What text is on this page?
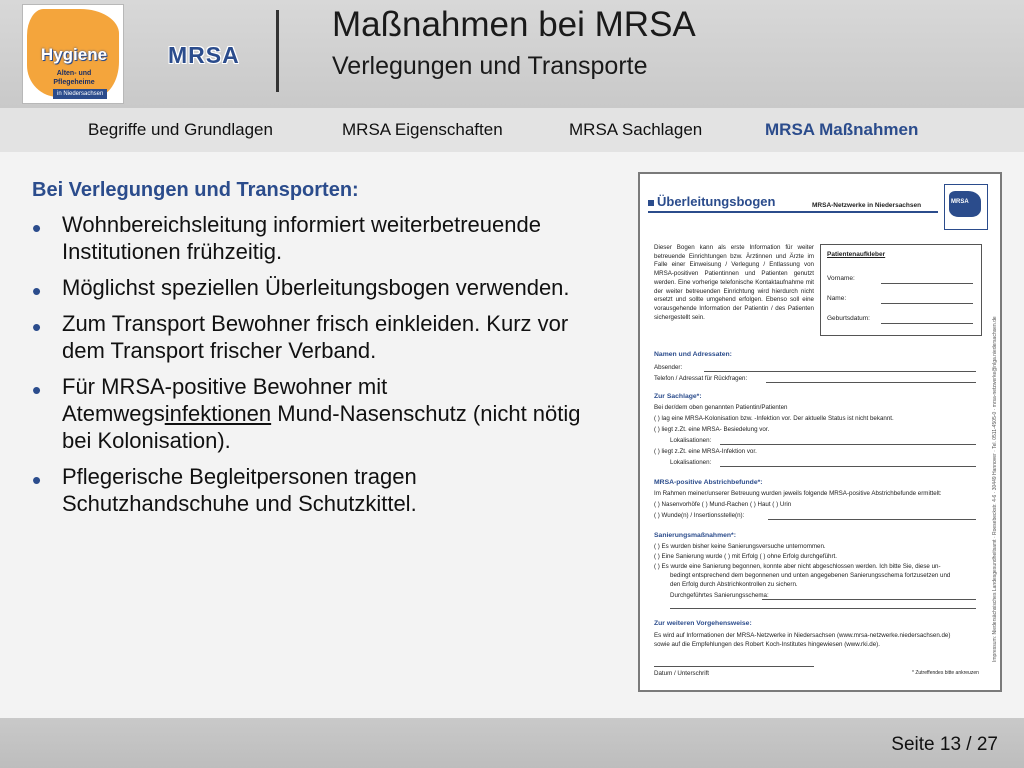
Hygiene
Alten- und
Pflegeheime
in Niedersachsen
MRSA
Maßnahmen bei MRSA
Verlegungen und Transporte
Begriffe und Grundlagen	MRSA Eigenschaften	MRSA Sachlagen	MRSA Maßnahmen
Bei Verlegungen und Transporten:
• Wohnbereichsleitung informiert weiterbetreuende Institutionen frühzeitig.
• Möglichst speziellen Überleitungsbogen verwenden.
• Zum Transport Bewohner frisch einkleiden. Kurz vor dem Transport frischer Verband.
• Für MRSA-positive Bewohner mit Atemwegsinfektionen Mund-Nasenschutz (nicht nötig bei Kolonisation).
• Pflegerische Begleitpersonen tragen Schutzhandschuhe und Schutzkittel.
Überleitungsbogen	MRSA-Netzwerke in Niedersachsen	MRSA
Dieser Bogen kann als erste Information für weiter betreuende Einrichtungen bzw. Ärztinnen und Ärzte im Falle einer Einweisung / Verlegung / Entlassung von MRSA-positiven Patientinnen und Patienten genutzt werden. Eine vorherige telefonische Kontaktaufnahme mit der weiter betreuenden Einrichtung wird hierdurch nicht ersetzt und sollte umgehend erfolgen. Ebenso soll eine vorausgehende Information der Patientin / des Patienten sichergestellt sein.
Patientenaufkleber
Vorname:
Name:
Geburtsdatum:	Impressum: Niedersächsisches Landesgesundheitsamt · Roesebeckstr. 4-6 · 30449 Hannover · Tel. 0511-4505-0 · mrsa-netzwerke@nlga.niedersachsen.de
Namen und Adressaten:
Absender:
Telefon / Adressat für Rückfragen:
Zur Sachlage*:
Bei der/dem oben genannten Patientin/Patienten
( ) lag eine MRSA-Kolonisation bzw. -Infektion vor. Der aktuelle Status ist nicht bekannt.
( ) liegt z.Zt. eine MRSA- Besiedelung vor.
Lokalisationen:
( ) liegt z.Zt. eine MRSA-Infektion vor.
Lokalisationen:
MRSA-positive Abstrichbefunde*:
Im Rahmen meiner/unserer Betreuung wurden jeweils folgende MRSA-positive Abstrichbefunde ermittelt:
( ) Nasenvorhöfe ( ) Mund-Rachen ( ) Haut ( ) Urin
( ) Wunde(n) / Insertionsstelle(n):
Sanierungsmaßnahmen*:
( ) Es wurden bisher keine Sanierungsversuche unternommen.
( ) Eine Sanierung wurde ( ) mit Erfolg ( ) ohne Erfolg durchgeführt.
( ) Es wurde eine Sanierung begonnen, konnte aber nicht abgeschlossen werden. Ich bitte Sie, diese un-
bedingt entsprechend dem begonnenen und unten angegebenen Sanierungsschema fortzusetzen und
den Erfolg durch Abstrichkontrollen zu sichern.
Durchgeführtes Sanierungsschema:
Zur weiteren Vorgehensweise:
Es wird auf Informationen der MRSA-Netzwerke in Niedersachsen (www.mrsa-netzwerke.niedersachsen.de)
sowie auf die Empfehlungen des Robert Koch-Institutes hingewiesen (www.rki.de).
Datum / Unterschrift	* Zutreffendes bitte ankreuzen
Seite 13 / 27
